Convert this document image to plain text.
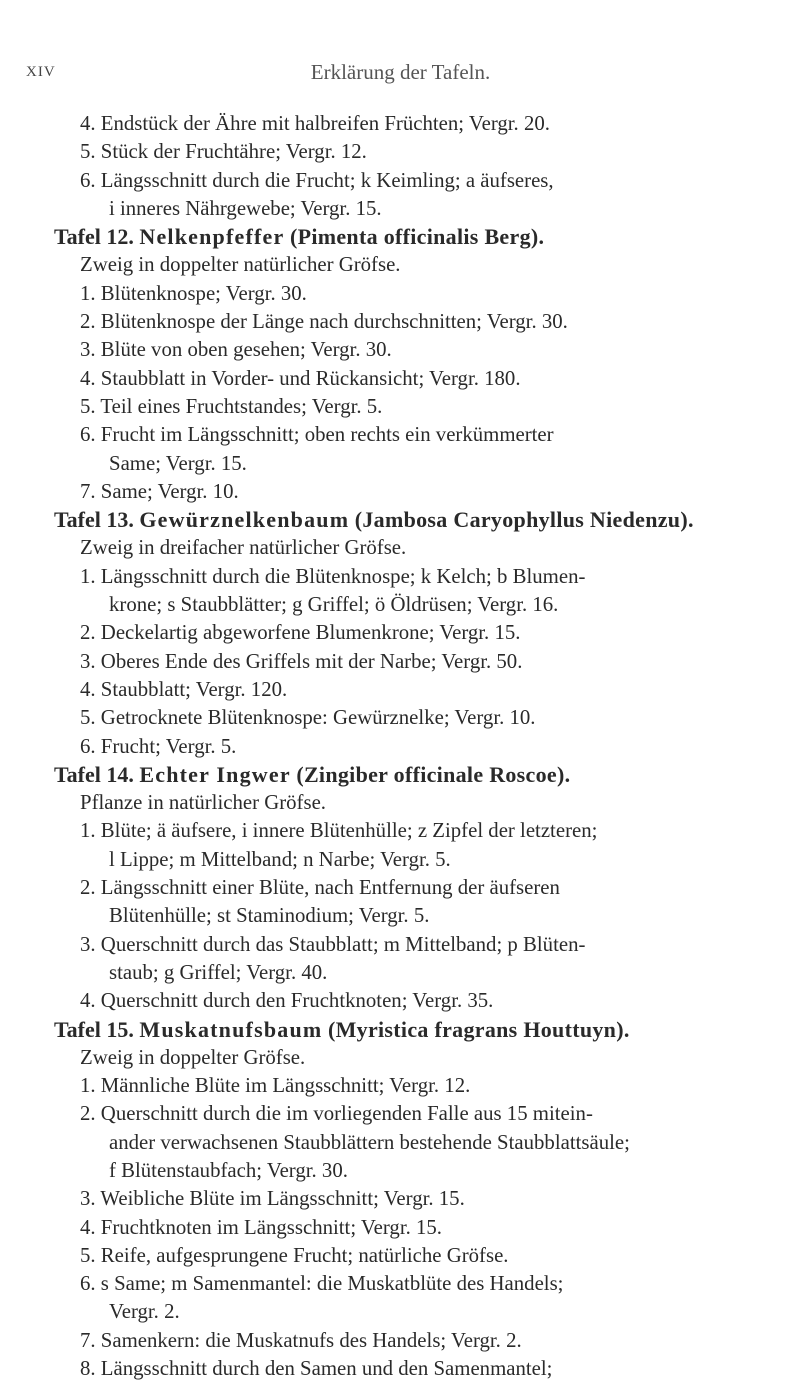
XIV	Erklärung der Tafeln.
4. Endstück der Ähre mit halbreifen Früchten; Vergr. 20.
5. Stück der Fruchtähre; Vergr. 12.
6. Längsschnitt durch die Frucht; k Keimling; a äufseres,
i inneres Nährgewebe; Vergr. 15.
Tafel 12. Nelkenpfeffer (Pimenta officinalis Berg).
Zweig in doppelter natürlicher Gröfse.
1. Blütenknospe; Vergr. 30.
2. Blütenknospe der Länge nach durchschnitten; Vergr. 30.
3. Blüte von oben gesehen; Vergr. 30.
4. Staubblatt in Vorder- und Rückansicht; Vergr. 180.
5. Teil eines Fruchtstandes; Vergr. 5.
6. Frucht im Längsschnitt; oben rechts ein verkümmerter
Same; Vergr. 15.
7. Same; Vergr. 10.
Tafel 13. Gewürznelkenbaum (Jambosa Caryophyllus Niedenzu).
Zweig in dreifacher natürlicher Gröfse.
1. Längsschnitt durch die Blütenknospe; k Kelch; b Blumen-
krone; s Staubblätter; g Griffel; ö Öldrüsen; Vergr. 16.
2. Deckelartig abgeworfene Blumenkrone; Vergr. 15.
3. Oberes Ende des Griffels mit der Narbe; Vergr. 50.
4. Staubblatt; Vergr. 120.
5. Getrocknete Blütenknospe: Gewürznelke; Vergr. 10.
6. Frucht; Vergr. 5.
Tafel 14. Echter Ingwer (Zingiber officinale Roscoe).
Pflanze in natürlicher Gröfse.
1. Blüte; ä äufsere, i innere Blütenhülle; z Zipfel der letzteren;
l Lippe; m Mittelband; n Narbe; Vergr. 5.
2. Längsschnitt einer Blüte, nach Entfernung der äufseren
Blütenhülle; st Staminodium; Vergr. 5.
3. Querschnitt durch das Staubblatt; m Mittelband; p Blüten-
staub; g Griffel; Vergr. 40.
4. Querschnitt durch den Fruchtknoten; Vergr. 35.
Tafel 15. Muskatnufsbaum (Myristica fragrans Houttuyn).
Zweig in doppelter Gröfse.
1. Männliche Blüte im Längsschnitt; Vergr. 12.
2. Querschnitt durch die im vorliegenden Falle aus 15 mitein-
ander verwachsenen Staubblättern bestehende Staubblattsäule;
f Blütenstaubfach; Vergr. 30.
3. Weibliche Blüte im Längsschnitt; Vergr. 15.
4. Fruchtknoten im Längsschnitt; Vergr. 15.
5. Reife, aufgesprungene Frucht; natürliche Gröfse.
6. s Same; m Samenmantel: die Muskatblüte des Handels;
Vergr. 2.
7. Samenkern: die Muskatnufs des Handels; Vergr. 2.
8. Längsschnitt durch den Samen und den Samenmantel;
